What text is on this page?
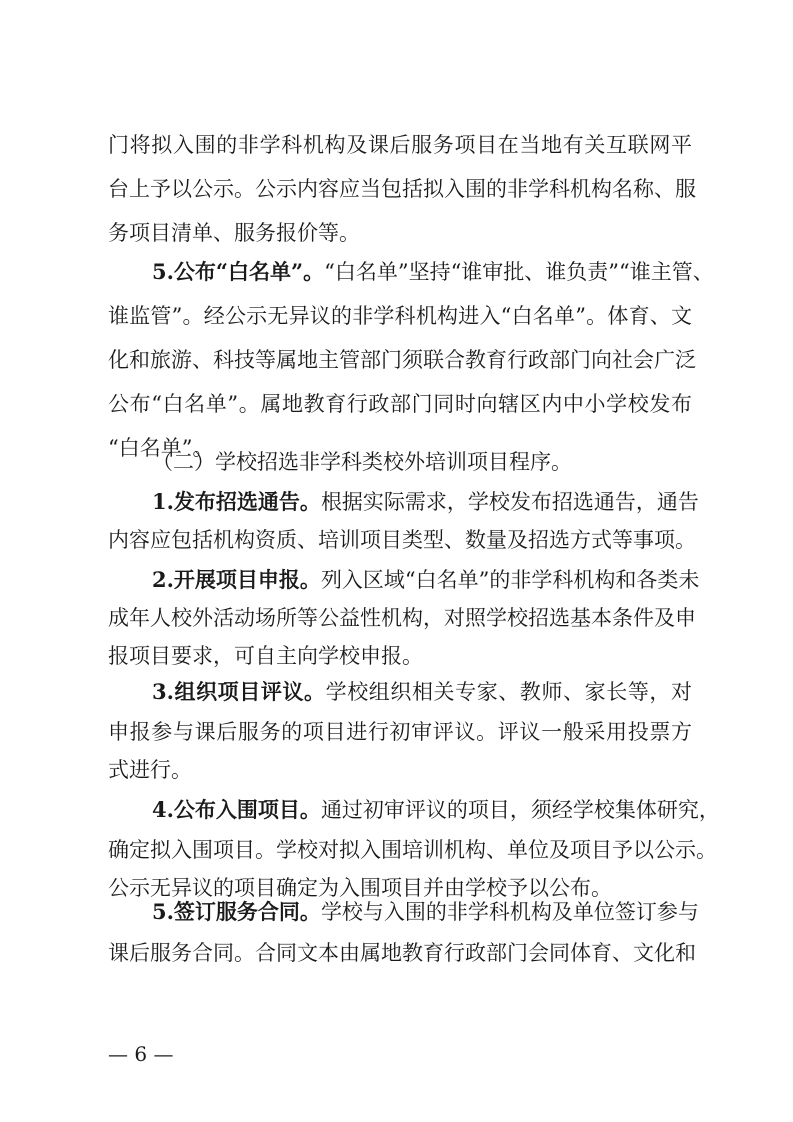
门将拟入围的非学科机构及课后服务项目在当地有关互联网平
台上予以公示。公示内容应当包括拟入围的非学科机构名称、服
务项目清单、服务报价等。
5.公布“白名单”。“白名单”坚持“谁审批、谁负责”“谁主管、
谁监管”。经公示无异议的非学科机构进入“白名单”。体育、文
化和旅游、科技等属地主管部门须联合教育行政部门向社会广泛
公布“白名单”。属地教育行政部门同时向辖区内中小学校发布
“白名单”。
（二）学校招选非学科类校外培训项目程序。
1.发布招选通告。根据实际需求，学校发布招选通告，通告
内容应包括机构资质、培训项目类型、数量及招选方式等事项。
2.开展项目申报。列入区域“白名单”的非学科机构和各类未
成年人校外活动场所等公益性机构，对照学校招选基本条件及申
报项目要求，可自主向学校申报。
3.组织项目评议。学校组织相关专家、教师、家长等，对
申报参与课后服务的项目进行初审评议。评议一般采用投票方
式进行。
4.公布入围项目。通过初审评议的项目，须经学校集体研究，
确定拟入围项目。学校对拟入围培训机构、单位及项目予以公示。
公示无异议的项目确定为入围项目并由学校予以公布。
— 6 —
5.签订服务合同。学校与入围的非学科机构及单位签订参与
课后服务合同。合同文本由属地教育行政部门会同体育、文化和
